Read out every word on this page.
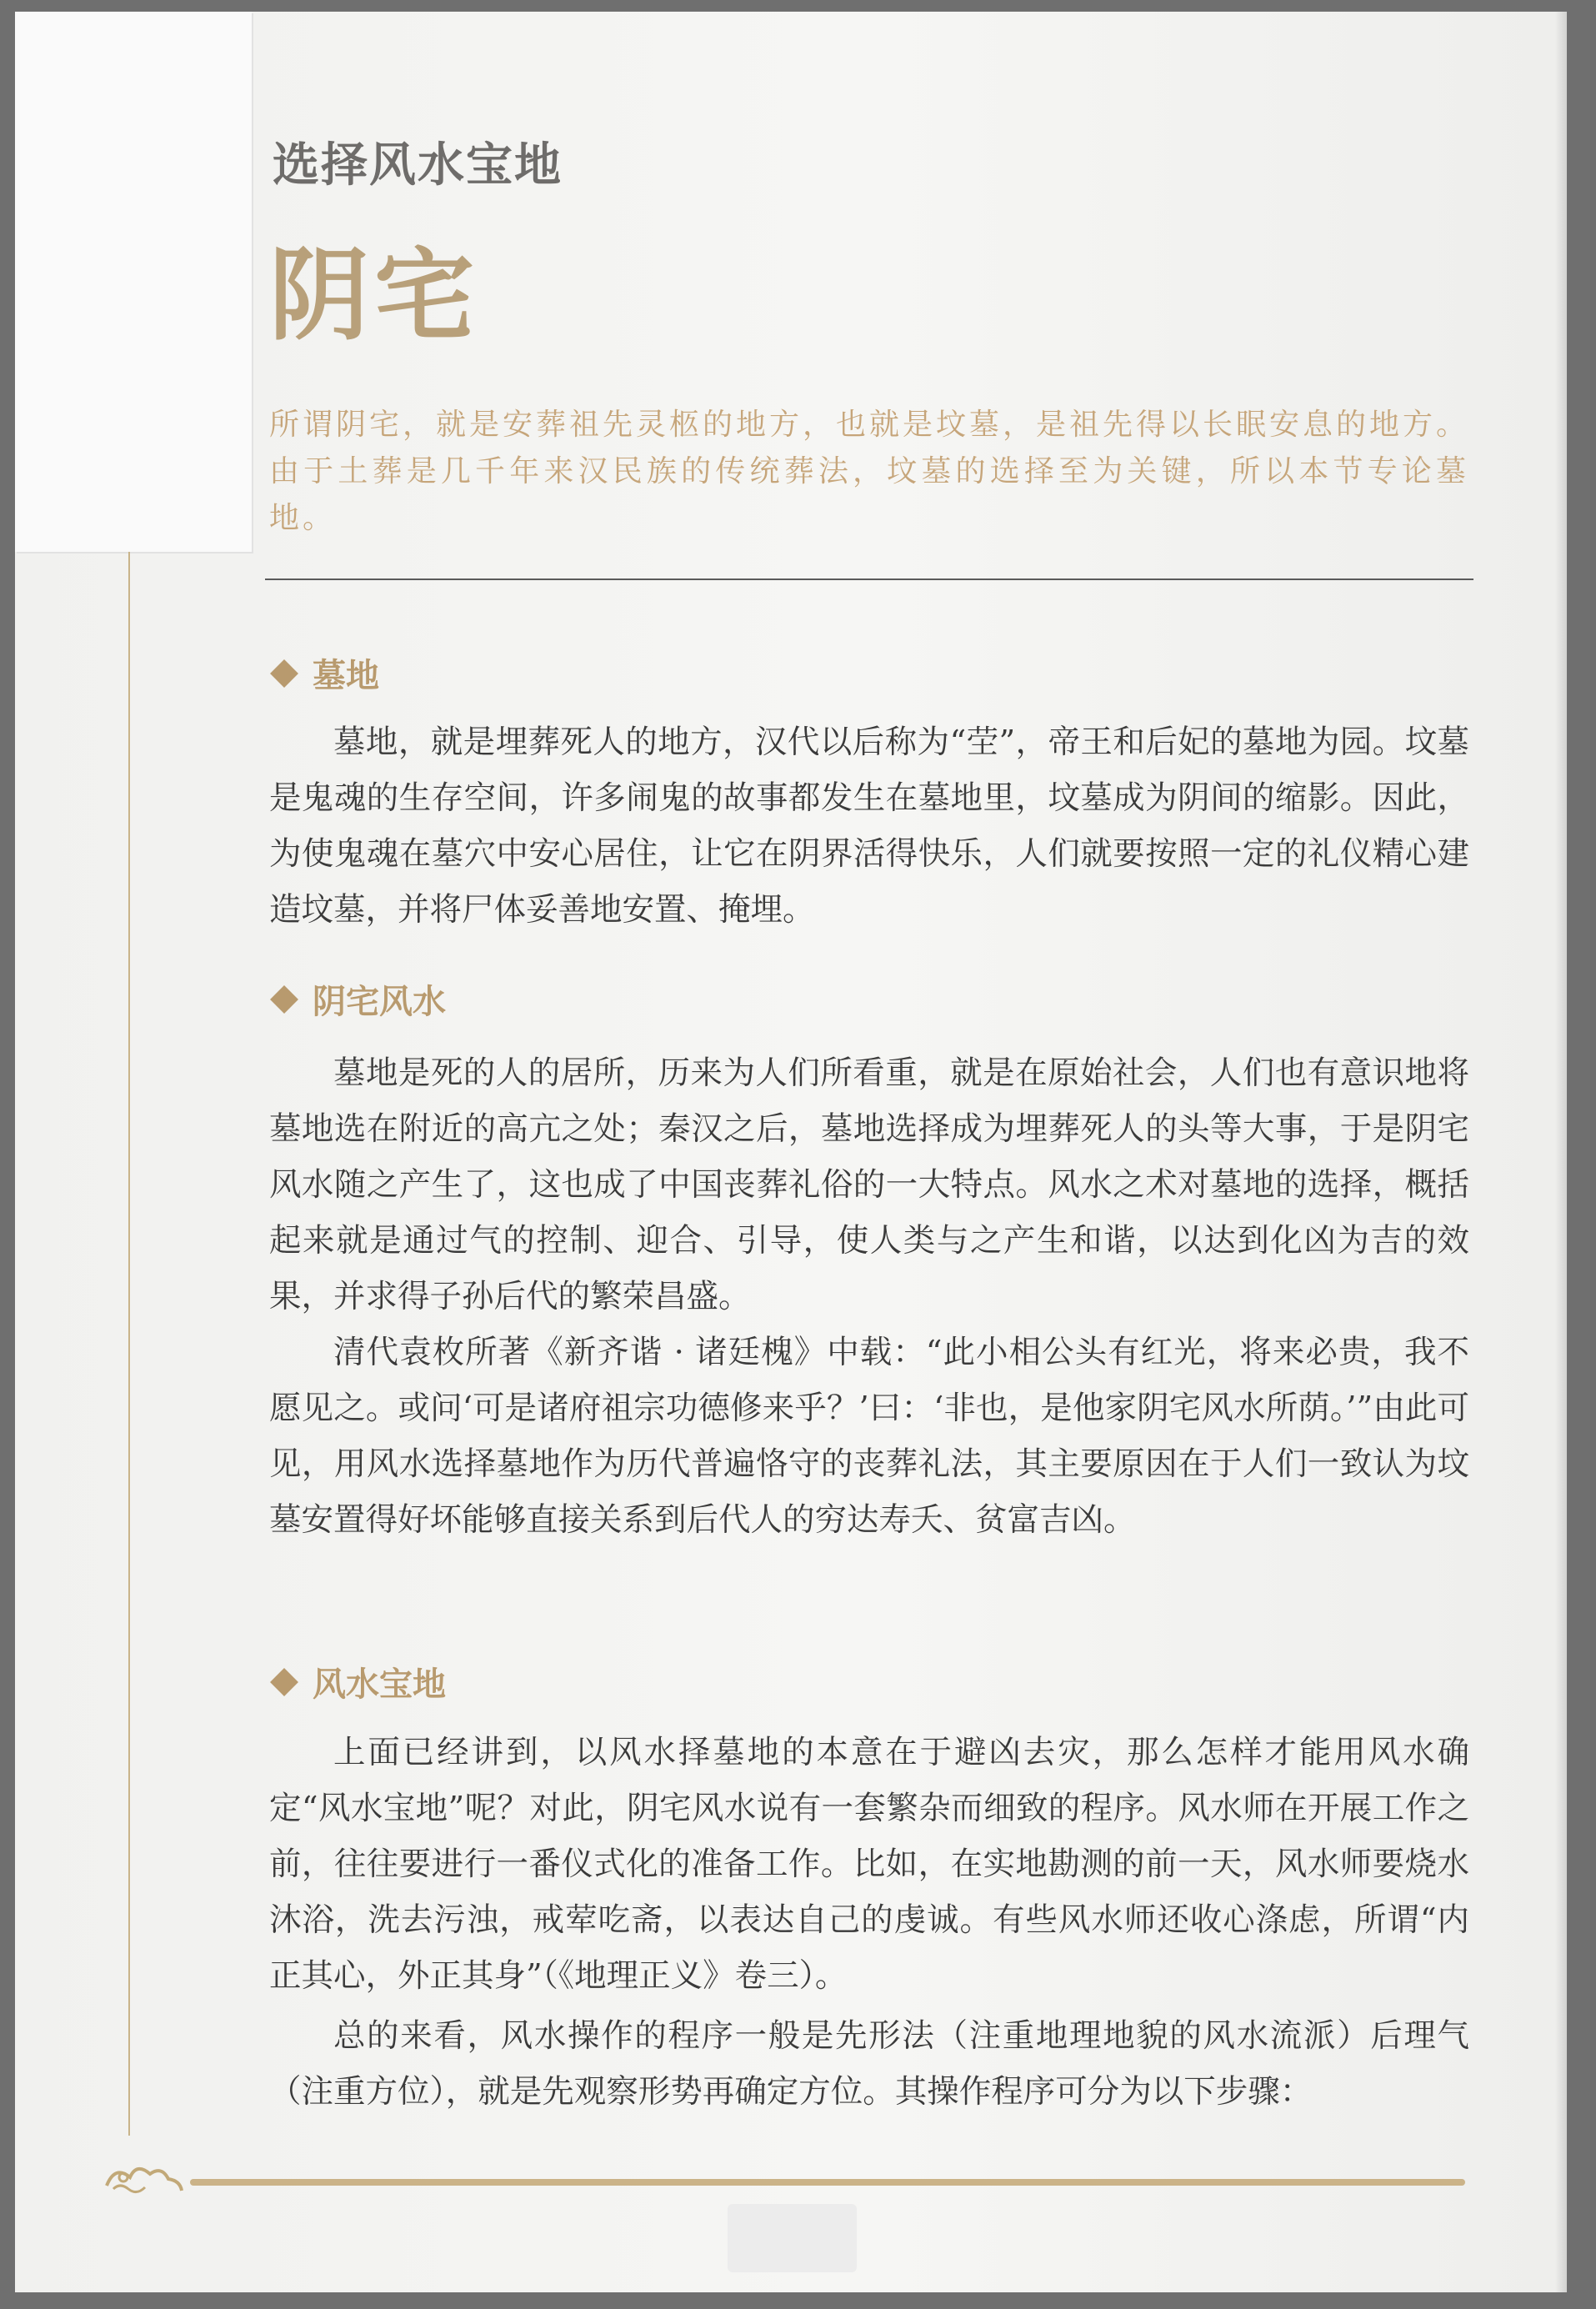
选择风水宝地
阴宅

所谓阴宅，就是安葬祖先灵柩的地方，也就是坟墓，是祖先得以长眠安息的地方。由于土葬是几千年来汉民族的传统葬法，坟墓的选择至为关键，所以本节专论墓地。

墓地

墓地，就是埋葬死人的地方，汉代以后称为“茔”，帝王和后妃的墓地为园。坟墓是鬼魂的生存空间，许多闹鬼的故事都发生在墓地里，坟墓成为阴间的缩影。因此，为使鬼魂在墓穴中安心居住，让它在阴界活得快乐，人们就要按照一定的礼仪精心建造坟墓，并将尸体妥善地安置、掩埋。

阴宅风水

墓地是死的人的居所，历来为人们所看重，就是在原始社会，人们也有意识地将墓地选在附近的高亢之处；秦汉之后，墓地选择成为埋葬死人的头等大事，于是阴宅风水随之产生了，这也成了中国丧葬礼俗的一大特点。风水之术对墓地的选择，概括起来就是通过气的控制、迎合、引导，使人类与之产生和谐，以达到化凶为吉的效果，并求得子孙后代的繁荣昌盛。

清代袁枚所著《新齐谐 · 诸廷槐》中载：“此小相公头有红光，将来必贵，我不愿见之。或问‘可是诸府祖宗功德修来乎？’曰：‘非也，是他家阴宅风水所荫。’”由此可见，用风水选择墓地作为历代普遍恪守的丧葬礼法，其主要原因在于人们一致认为坟墓安置得好坏能够直接关系到后代人的穷达寿夭、贫富吉凶。

风水宝地

上面已经讲到，以风水择墓地的本意在于避凶去灾，那么怎样才能用风水确定“风水宝地”呢？对此，阴宅风水说有一套繁杂而细致的程序。风水师在开展工作之前，往往要进行一番仪式化的准备工作。比如，在实地勘测的前一天，风水师要烧水沐浴，洗去污浊，戒荤吃斋，以表达自己的虔诚。有些风水师还收心涤虑，所谓“内正其心，外正其身”（《地理正义》卷三）。

总的来看，风水操作的程序一般是先形法（注重地理地貌的风水流派）后理气（注重方位），就是先观察形势再确定方位。其操作程序可分为以下步骤：
